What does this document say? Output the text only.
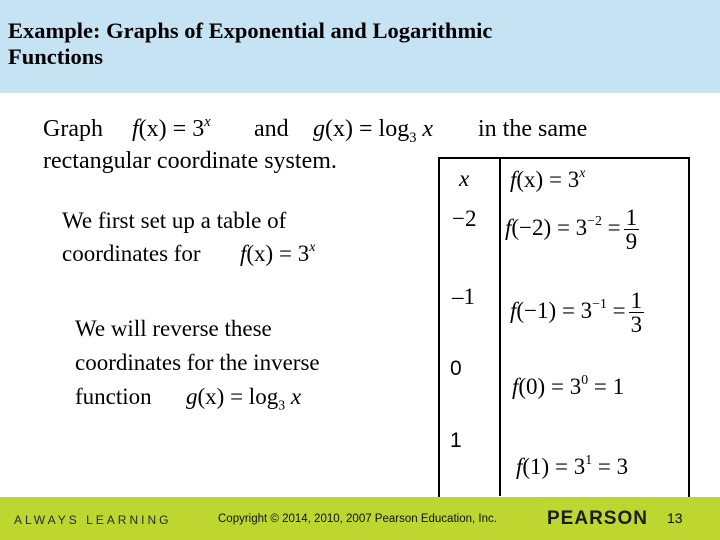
Example: Graphs of Exponential and Logarithmic
Functions
Graph $f(x) = 3^x$ and $g(x) = \log_3 x$ in the same
rectangular coordinate system.
We first set up a table of
coordinates for $f(x) = 3^x$
We will reverse these
coordinates for the inverse
function $g(x) = \log_3 x$
x $f(x) = 3^x$
−2 $f(-2) = 3^{-2} = \frac{1}{9}$
–1
$f(-1) = 3^{-1} = \frac{1}{3}$
0
$f(0) = 3^0 = 1$
1
$f(1) = 3^1 = 3$
ALWAYS LEARNING	Copyright © 2014, 2010, 2007 Pearson Education, Inc.	PEARSON 13
